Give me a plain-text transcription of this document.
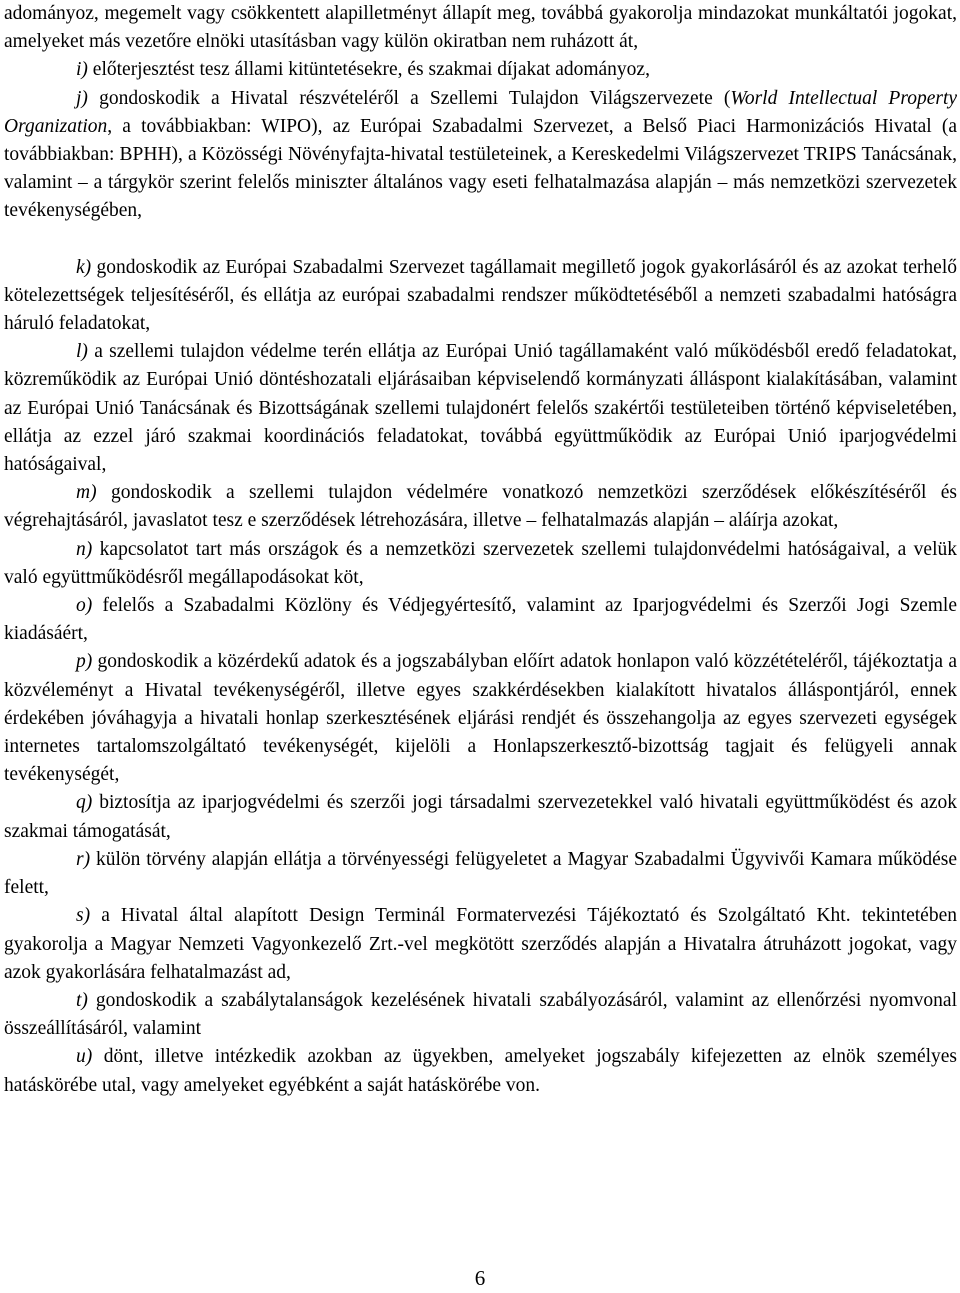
adományoz, megemelt vagy csökkentett alapilletményt állapít meg, továbbá gyakorolja mindazokat munkáltatói jogokat, amelyeket más vezetőre elnöki utasításban vagy külön okiratban nem ruházott át,

i) előterjesztést tesz állami kitüntetésekre, és szakmai díjakat adományoz,

j) gondoskodik a Hivatal részvételéről a Szellemi Tulajdon Világszervezete (World Intellectual Property Organization, a továbbiakban: WIPO), az Európai Szabadalmi Szervezet, a Belső Piaci Harmonizációs Hivatal (a továbbiakban: BPHH), a Közösségi Növényfajta-hivatal testületeinek, a Kereskedelmi Világszervezet TRIPS Tanácsának, valamint – a tárgykör szerint felelős miniszter általános vagy eseti felhatalmazása alapján – más nemzetközi szervezetek tevékenységében,

k) gondoskodik az Európai Szabadalmi Szervezet tagállamait megillető jogok gyakorlásáról és az azokat terhelő kötelezettségek teljesítéséről, és ellátja az európai szabadalmi rendszer működtetéséből a nemzeti szabadalmi hatóságra háruló feladatokat,

l) a szellemi tulajdon védelme terén ellátja az Európai Unió tagállamaként való működésből eredő feladatokat, közreműködik az Európai Unió döntéshozatali eljárásaiban képviselendő kormányzati álláspont kialakításában, valamint az Európai Unió Tanácsának és Bizottságának szellemi tulajdonért felelős szakértői testületeiben történő képviseletében, ellátja az ezzel járó szakmai koordinációs feladatokat, továbbá együttműködik az Európai Unió iparjogvédelmi hatóságaival,

m) gondoskodik a szellemi tulajdon védelmére vonatkozó nemzetközi szerződések előkészítéséről és végrehajtásáról, javaslatot tesz e szerződések létrehozására, illetve – felhatalmazás alapján – aláírja azokat,

n) kapcsolatot tart más országok és a nemzetközi szervezetek szellemi tulajdonvédelmi hatóságaival, a velük való együttműködésről megállapodásokat köt,

o) felelős a Szabadalmi Közlöny és Védjegyértesítő, valamint az Iparjogvédelmi és Szerzői Jogi Szemle kiadásáért,

p) gondoskodik a közérdekű adatok és a jogszabályban előírt adatok honlapon való közzétételéről, tájékoztatja a közvéleményt a Hivatal tevékenységéről, illetve egyes szakkérdésekben kialakított hivatalos álláspontjáról, ennek érdekében jóváhagyja a hivatali honlap szerkesztésének eljárási rendjét és összehangolja az egyes szervezeti egységek internetes tartalomszolgáltató tevékenységét, kijelöli a Honlapszerkesztő-bizottság tagjait és felügyeli annak tevékenységét,

q) biztosítja az iparjogvédelmi és szerzői jogi társadalmi szervezetekkel való hivatali együttműködést és azok szakmai támogatását,

r) külön törvény alapján ellátja a törvényességi felügyeletet a Magyar Szabadalmi Ügyvivői Kamara működése felett,

s) a Hivatal által alapított Design Terminál Formatervezési Tájékoztató és Szolgáltató Kht. tekintetében gyakorolja a Magyar Nemzeti Vagyonkezelő Zrt.-vel megkötött szerződés alapján a Hivatalra átruházott jogokat, vagy azok gyakorlására felhatalmazást ad,

t) gondoskodik a szabálytalanságok kezelésének hivatali szabályozásáról, valamint az ellenőrzési nyomvonal összeállításáról, valamint

u) dönt, illetve intézkedik azokban az ügyekben, amelyeket jogszabály kifejezetten az elnök személyes hatáskörébe utal, vagy amelyeket egyébként a saját hatáskörébe von.

6
